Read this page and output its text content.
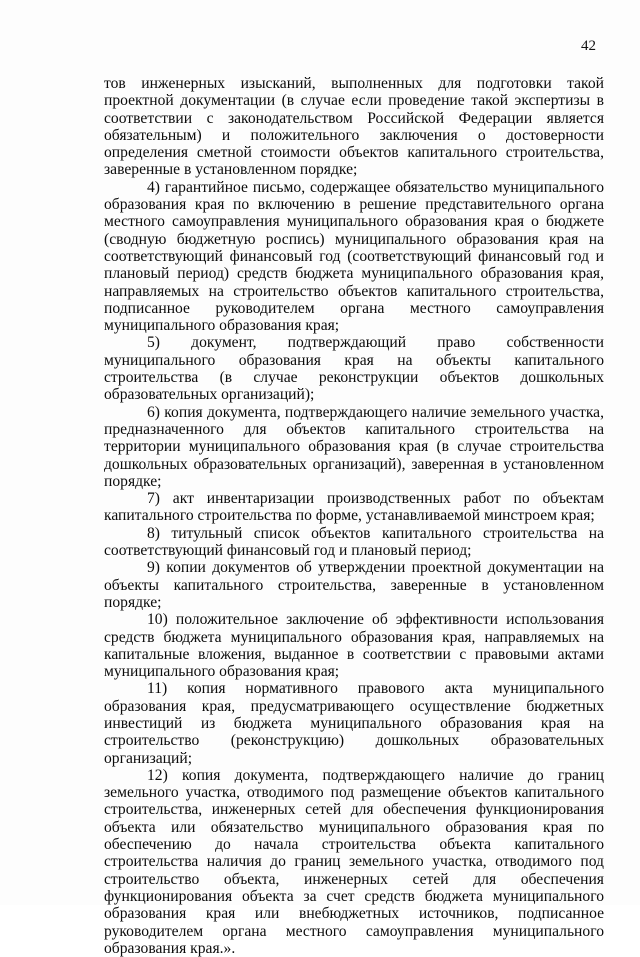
42

тов инженерных изысканий, выполненных для подготовки такой проектной документации (в случае если проведение такой экспертизы в соответствии с законодательством Российской Федерации является обязательным) и положительного заключения о достоверности определения сметной стоимости объектов капитального строительства, заверенные в установленном порядке;

4) гарантийное письмо, содержащее обязательство муниципального образования края по включению в решение представительного органа местного самоуправления муниципального образования края о бюджете (сводную бюджетную роспись) муниципального образования края на соответствующий финансовый год (соответствующий финансовый год и плановый период) средств бюджета муниципального образования края, направляемых на строительство объектов капитального строительства, подписанное руководителем органа местного самоуправления муниципального образования края;

5) документ, подтверждающий право собственности муниципального образования края на объекты капитального строительства (в случае реконструкции объектов дошкольных образовательных организаций);

6) копия документа, подтверждающего наличие земельного участка, предназначенного для объектов капитального строительства на территории муниципального образования края (в случае строительства дошкольных образовательных организаций), заверенная в установленном порядке;

7) акт инвентаризации производственных работ по объектам капитального строительства по форме, устанавливаемой минстроем края;

8) титульный список объектов капитального строительства на соответствующий финансовый год и плановый период;

9) копии документов об утверждении проектной документации на объекты капитального строительства, заверенные в установленном порядке;

10) положительное заключение об эффективности использования средств бюджета муниципального образования края, направляемых на капитальные вложения, выданное в соответствии с правовыми актами муниципального образования края;

11) копия нормативного правового акта муниципального образования края, предусматривающего осуществление бюджетных инвестиций из бюджета муниципального образования края на строительство (реконструкцию) дошкольных образовательных организаций;

12) копия документа, подтверждающего наличие до границ земельного участка, отводимого под размещение объектов капитального строительства, инженерных сетей для обеспечения функционирования объекта или обязательство муниципального образования края по обеспечению до начала строительства объекта капитального строительства наличия до границ земельного участка, отводимого под строительство объекта, инженерных сетей для обеспечения функционирования объекта за счет средств бюджета муниципального образования края или внебюджетных источников, подписанное руководителем органа местного самоуправления муниципального образования края.».
